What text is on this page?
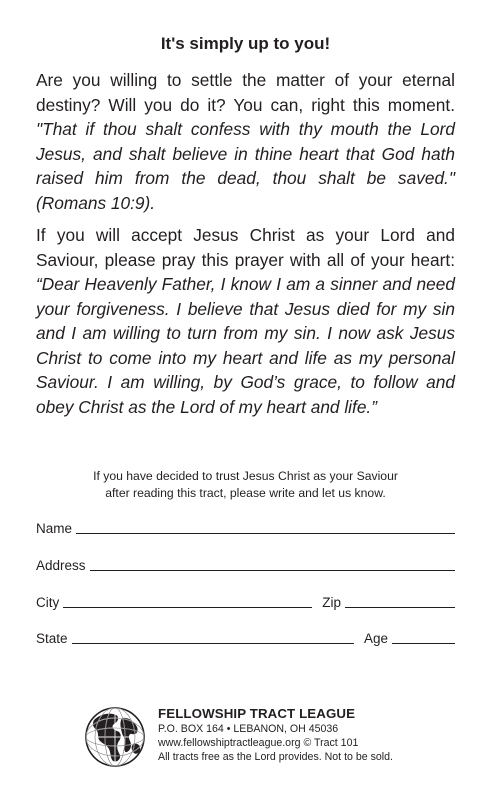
It's simply up to you!
Are you willing to settle the matter of your eternal destiny? Will you do it? You can, right this moment. "That if thou shalt confess with thy mouth the Lord Jesus, and shalt believe in thine heart that God hath raised him from the dead, thou shalt be saved." (Romans 10:9).
If you will accept Jesus Christ as your Lord and Saviour, please pray this prayer with all of your heart: “Dear Heavenly Father, I know I am a sinner and need your forgiveness. I believe that Jesus died for my sin and I am willing to turn from my sin. I now ask Jesus Christ to come into my heart and life as my personal Saviour. I am willing, by God’s grace, to follow and obey Christ as the Lord of my heart and life.”
If you have decided to trust Jesus Christ as your Saviour
after reading this tract, please write and let us know.
Name
Address
City	Zip
State	Age
FELLOWSHIP TRACT LEAGUE
P.O. BOX 164 • LEBANON, OH 45036
www.fellowshiptractleague.org © Tract 101
All tracts free as the Lord provides. Not to be sold.
